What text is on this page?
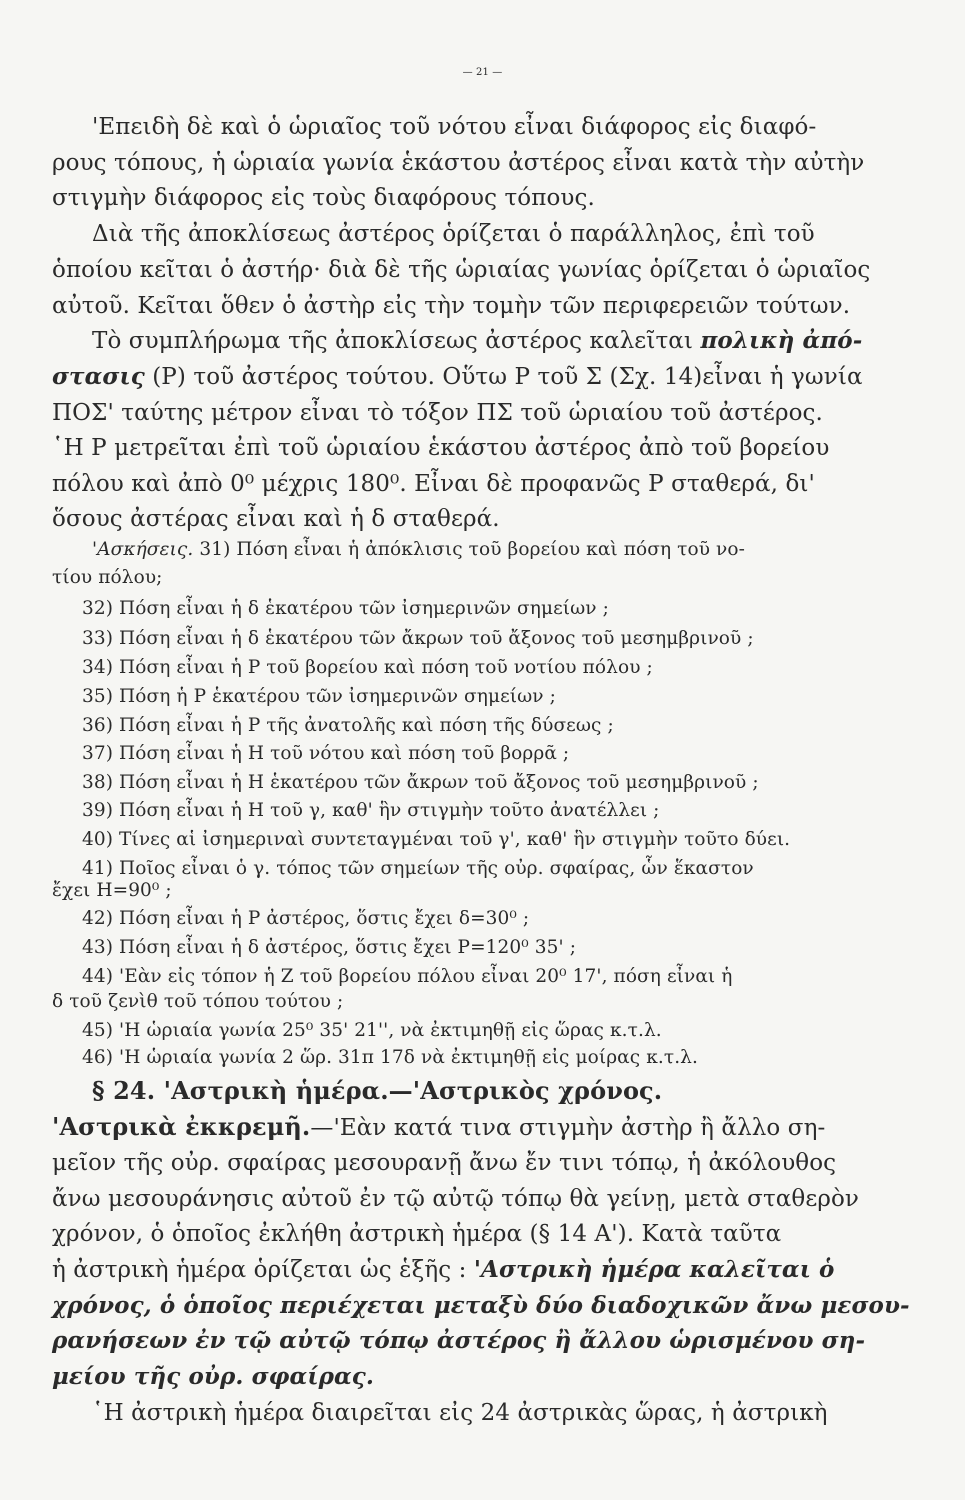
— 21 —

'Επειδὴ δὲ καὶ ὁ ὡριαῖος τοῦ νότου εἶναι διάφορος εἰς διαφό-

ρους τόπους, ἡ ὡριαία γωνία ἑκάστου ἀστέρος εἶναι κατὰ τὴν αὐτὴν

στιγμὴν διάφορος εἰς τοὺς διαφόρους τόπους.

Διὰ τῆς ἀποκλίσεως ἀστέρος ὁρίζεται ὁ παράλληλος, ἐπὶ τοῦ

ὁποίου κεῖται ὁ ἀστήρ· διὰ δὲ τῆς ὡριαίας γωνίας ὁρίζεται ὁ ὡριαῖος

αὐτοῦ. Κεῖται ὅθεν ὁ ἀστὴρ εἰς τὴν τομὴν τῶν περιφερειῶν τούτων.

Τὸ συμπλήρωμα τῆς ἀποκλίσεως ἀστέρος καλεῖται πολικὴ ἀπό-

στασις (P) τοῦ ἀστέρος τούτου. Οὕτω P τοῦ Σ (Σχ. 14)εἶναι ἡ γωνία

ΠΟΣ' ταύτης μέτρον εἶναι τὸ τόξον ΠΣ τοῦ ὡριαίου τοῦ ἀστέρος.

῾Η P μετρεῖται ἐπὶ τοῦ ὡριαίου ἑκάστου ἀστέρος ἀπὸ τοῦ βορείου

πόλου καὶ ἀπὸ 0⁰ μέχρις 180⁰. Εἶναι δὲ προφανῶς P σταθερά, δι'

ὅσους ἀστέρας εἶναι καὶ ἡ δ σταθερά.

'Ασκήσεις. 31) Πόση εἶναι ἡ ἀπόκλισις τοῦ βορείου καὶ πόση τοῦ νο-

τίου πόλου;

32) Πόση εἶναι ἡ δ ἑκατέρου τῶν ἰσημερινῶν σημείων ;

33) Πόση εἶναι ἡ δ ἑκατέρου τῶν ἄκρων τοῦ ἄξονος τοῦ μεσημβρινοῦ ;

34) Πόση εἶναι ἡ P τοῦ βορείου καὶ πόση τοῦ νοτίου πόλου ;

35) Πόση ἡ P ἑκατέρου τῶν ἰσημερινῶν σημείων ;

36) Πόση εἶναι ἡ P τῆς ἀνατολῆς καὶ πόση τῆς δύσεως ;

37) Πόση εἶναι ἡ H τοῦ νότου καὶ πόση τοῦ βορρᾶ ;

38) Πόση εἶναι ἡ H ἑκατέρου τῶν ἄκρων τοῦ ἄξονος τοῦ μεσημβρινοῦ ;

39) Πόση εἶναι ἡ H τοῦ γ, καθ' ἣν στιγμὴν τοῦτο ἀνατέλλει ;

40) Τίνες αἱ ἰσημεριναὶ συντεταγμέναι τοῦ γ', καθ' ἣν στιγμὴν τοῦτο δύει.

41) Ποῖος εἶναι ὁ γ. τόπος τῶν σημείων τῆς οὐρ. σφαίρας, ὧν ἕκαστον

ἔχει H=90⁰ ;

42) Πόση εἶναι ἡ P ἀστέρος, ὅστις ἔχει δ=30⁰ ;

43) Πόση εἶναι ἡ δ ἀστέρος, ὅστις ἔχει P=120⁰ 35' ;

44) 'Εὰν εἰς τόπον ἡ Z τοῦ βορείου πόλου εἶναι 20⁰ 17', πόση εἶναι ἡ

δ τοῦ ζενὶθ τοῦ τόπου τούτου ;

45) 'Η ὡριαία γωνία 25⁰ 35' 21'', νὰ ἐκτιμηθῇ εἰς ὥρας κ.τ.λ.

46) 'Η ὡριαία γωνία 2 ὥρ. 31π 17δ νὰ ἐκτιμηθῇ εἰς μοίρας κ.τ.λ.

§ 24. 'Αστρικὴ ἡμέρα.—'Αστρικὸς χρόνος.

'Αστρικὰ ἐκκρεμῆ.—'Εὰν κατά τινα στιγμὴν ἀστὴρ ἢ ἄλλο ση-

μεῖον τῆς οὐρ. σφαίρας μεσουρανῇ ἄνω ἔν τινι τόπῳ, ἡ ἀκόλουθος

ἄνω μεσουράνησις αὐτοῦ ἐν τῷ αὐτῷ τόπῳ θὰ γείνῃ, μετὰ σταθερὸν

χρόνον, ὁ ὁποῖος ἐκλήθη ἀστρικὴ ἡμέρα (§ 14 Α'). Κατὰ ταῦτα

ἡ ἀστρικὴ ἡμέρα ὁρίζεται ὡς ἑξῆς : 'Αστρικὴ ἡμέρα καλεῖται ὁ

χρόνος, ὁ ὁποῖος περιέχεται μεταξὺ δύο διαδοχικῶν ἄνω μεσου-

ρανήσεων ἐν τῷ αὐτῷ τόπῳ ἀστέρος ἢ ἄλλου ὡρισμένου ση-

μείου τῆς οὐρ. σφαίρας.

῾Η ἀστρικὴ ἡμέρα διαιρεῖται εἰς 24 ἀστρικὰς ὥρας, ἡ ἀστρικὴ
